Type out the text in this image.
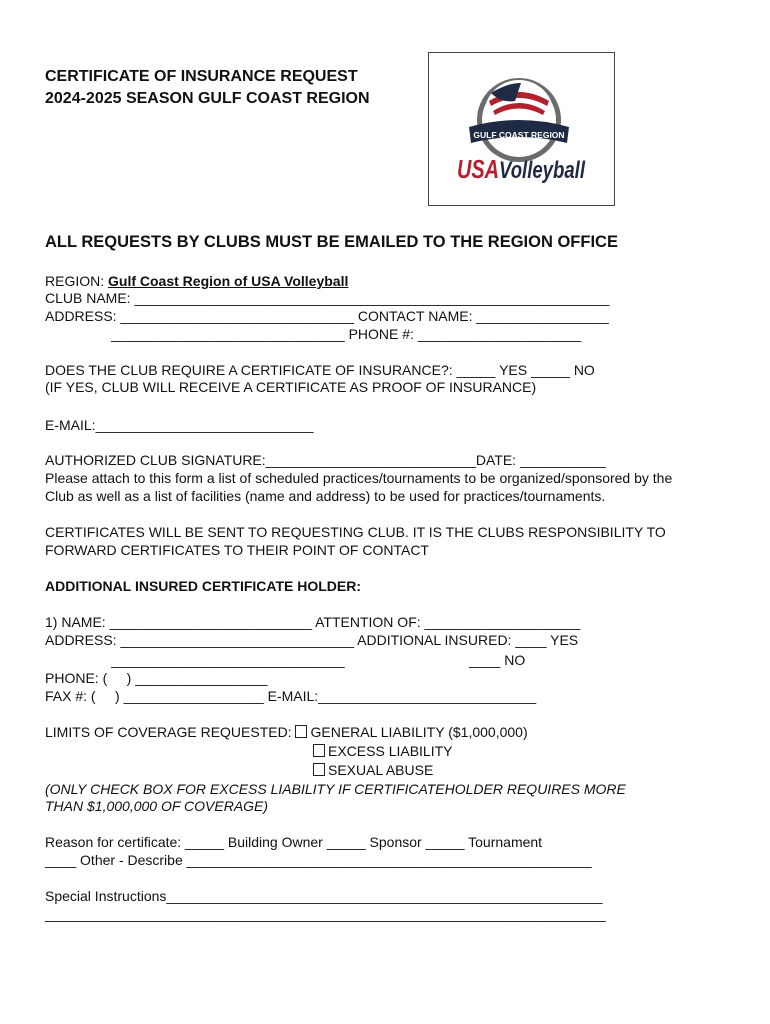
CERTIFICATE OF INSURANCE REQUEST
2024-2025 SEASON GULF COAST REGION
GULF COAST REGION
USA Volleyball
ALL REQUESTS BY CLUBS MUST BE EMAILED TO THE REGION OFFICE
REGION: Gulf Coast Region of USA Volleyball
CLUB NAME: _____________________________________________________________
ADDRESS: ______________________________ CONTACT NAME: _________________
______________________________ PHONE #: _____________________
DOES THE CLUB REQUIRE A CERTIFICATE OF INSURANCE?: _____ YES _____ NO
(IF YES, CLUB WILL RECEIVE A CERTIFICATE AS PROOF OF INSURANCE)
E-MAIL:____________________________
AUTHORIZED CLUB SIGNATURE:___________________________DATE: ___________
Please attach to this form a list of scheduled practices/tournaments to be organized/sponsored by the
Club as well as a list of facilities (name and address) to be used for practices/tournaments.
CERTIFICATES WILL BE SENT TO REQUESTING CLUB. IT IS THE CLUBS RESPONSIBILITY TO
FORWARD CERTIFICATES TO THEIR POINT OF CONTACT
ADDITIONAL INSURED CERTIFICATE HOLDER:
1) NAME: __________________________ ATTENTION OF: ____________________
ADDRESS: ______________________________ ADDITIONAL INSURED: ____ YES
______________________________                                ____ NO
PHONE: (     ) _________________
FAX #: (     ) __________________ E-MAIL:____________________________
LIMITS OF COVERAGE REQUESTED: GENERAL LIABILITY ($1,000,000)
EXCESS LIABILITY
SEXUAL ABUSE
(ONLY CHECK BOX FOR EXCESS LIABILITY IF CERTIFICATEHOLDER REQUIRES MORE
THAN $1,000,000 OF COVERAGE)
Reason for certificate: _____ Building Owner _____ Sponsor _____ Tournament
____ Other - Describe ____________________________________________________
Special Instructions________________________________________________________
________________________________________________________________________
